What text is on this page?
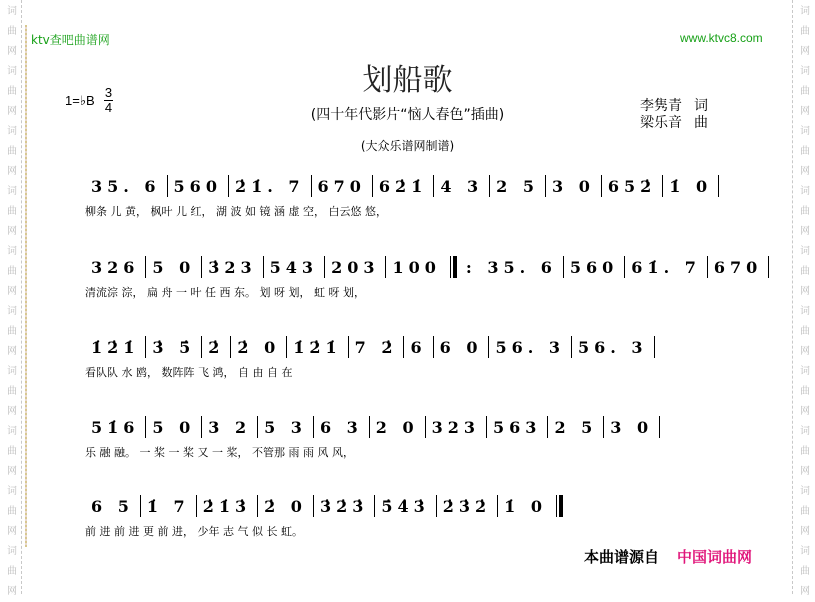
词
曲
网
词
曲
网
词
曲
网
词
曲
网
词
曲
网
词
曲
网
词
曲
网
词
曲
网
词
曲
网
词
曲
网
词
曲
网
词
曲
网
词
曲
网
词
曲
网
词
曲
网
词
曲
网
词
曲
网
词
曲
网
词
曲
网
词
曲
网
ktv查吧曲谱网	www.ktvc8.com
1=♭B
3
4
划船歌
(四十年代影片“恼人春色”插曲)
(大众乐谱网制谱)
李隽青 词
梁乐音 曲
35. 6 560 2̇1̇. 7 670 62̇1̇ 4 3 2 5 3 0 652̇ 1̇ 0
柳条 儿 黄， 枫叶 儿 红， 湖 波 如 镜 涵 虚 空， 白云悠 悠，
326 5 0 3̇23 543 203 100 : 35. 6 560 61̇. 7 670
清流淙 淙， 扁 舟 一 叶 任 西 东。 划 呀 划， 虹 呀 划，
1̇2̇1̇ 3̇ 5̇ 2̇ 2̇ 0 1̇2̇1̇ 7 2̇ 6 6 0 56. 3 56. 3
看队队 水 鸥， 数阵阵 飞 鸿， 自 由 自 在
51̇6 5 0 3 2 5 3 6 3 2 0 323 563 2 5 3 0
乐 融 融。 一 桨 一 桨 又 一 桨， 不管那 雨 雨 风 风，
6 5 1̇ 7 2̇1̇3̇ 2̇ 0 3̇2̇3̇ 5̇4̇3̇ 2̇3̇2̇ 1̇ 0
前 进 前 进 更 前 进， 少年 志 气 似 长 虹。
本曲谱源自 中国词曲网
